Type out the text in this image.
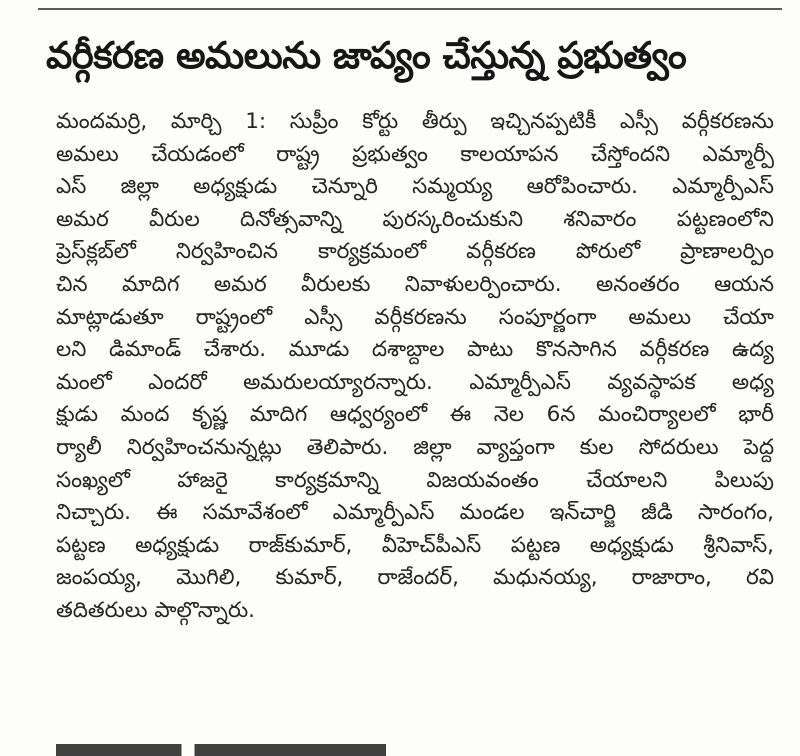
వర్గీకరణ అమలును జాప్యం చేస్తున్న ప్రభుత్వం
మందమర్రి, మార్చి 1: సుప్రీం కోర్టు తీర్పు ఇచ్చినప్పటికీ ఎస్సీ వర్గీకరణను
అమలు చేయడంలో రాష్ట్ర ప్రభుత్వం కాలయాపన చేస్తోందని ఎమ్మార్పీ
ఎస్ జిల్లా అధ్యక్షుడు చెన్నూరి సమ్మయ్య ఆరోపించారు. ఎమ్మార్పీఎస్
అమర వీరుల దినోత్సవాన్ని పురస్కరించుకుని శనివారం పట్టణంలోని
ప్రెస్‌క్లబ్‌లో నిర్వహించిన కార్యక్రమంలో వర్గీకరణ పోరులో ప్రాణాలర్పిం
చిన మాదిగ అమర వీరులకు నివాళులర్పించారు. అనంతరం ఆయన
మాట్లాడుతూ రాష్ట్రంలో ఎస్సీ వర్గీకరణను సంపూర్ణంగా అమలు చేయా
లని డిమాండ్ చేశారు. మూడు దశాబ్దాల పాటు కొనసాగిన వర్గీకరణ ఉద్య
మంలో ఎందరో అమరులయ్యారన్నారు. ఎమ్మార్పీఎస్ వ్యవస్థాపక అధ్య
క్షుడు మంద కృష్ణ మాదిగ ఆధ్వర్యంలో ఈ నెల 6న మంచిర్యాలలో భారీ
ర్యాలీ నిర్వహించనున్నట్లు తెలిపారు. జిల్లా వ్యాప్తంగా కుల సోదరులు పెద్ద
సంఖ్యలో హాజరై కార్యక్రమాన్ని విజయవంతం చేయాలని పిలుపు
నిచ్చారు. ఈ సమావేశంలో ఎమ్మార్పీఎస్ మండల ఇన్‌చార్జి జీడి సారంగం,
పట్టణ అధ్యక్షుడు రాజ్‌కుమార్, వీహెచ్‌పీఎస్ పట్టణ అధ్యక్షుడు శ్రీనివాస్,
జంపయ్య, మొగిలి, కుమార్, రాజేందర్, మధునయ్య, రాజారాం, రవి
తదితరులు పాల్గొన్నారు.
